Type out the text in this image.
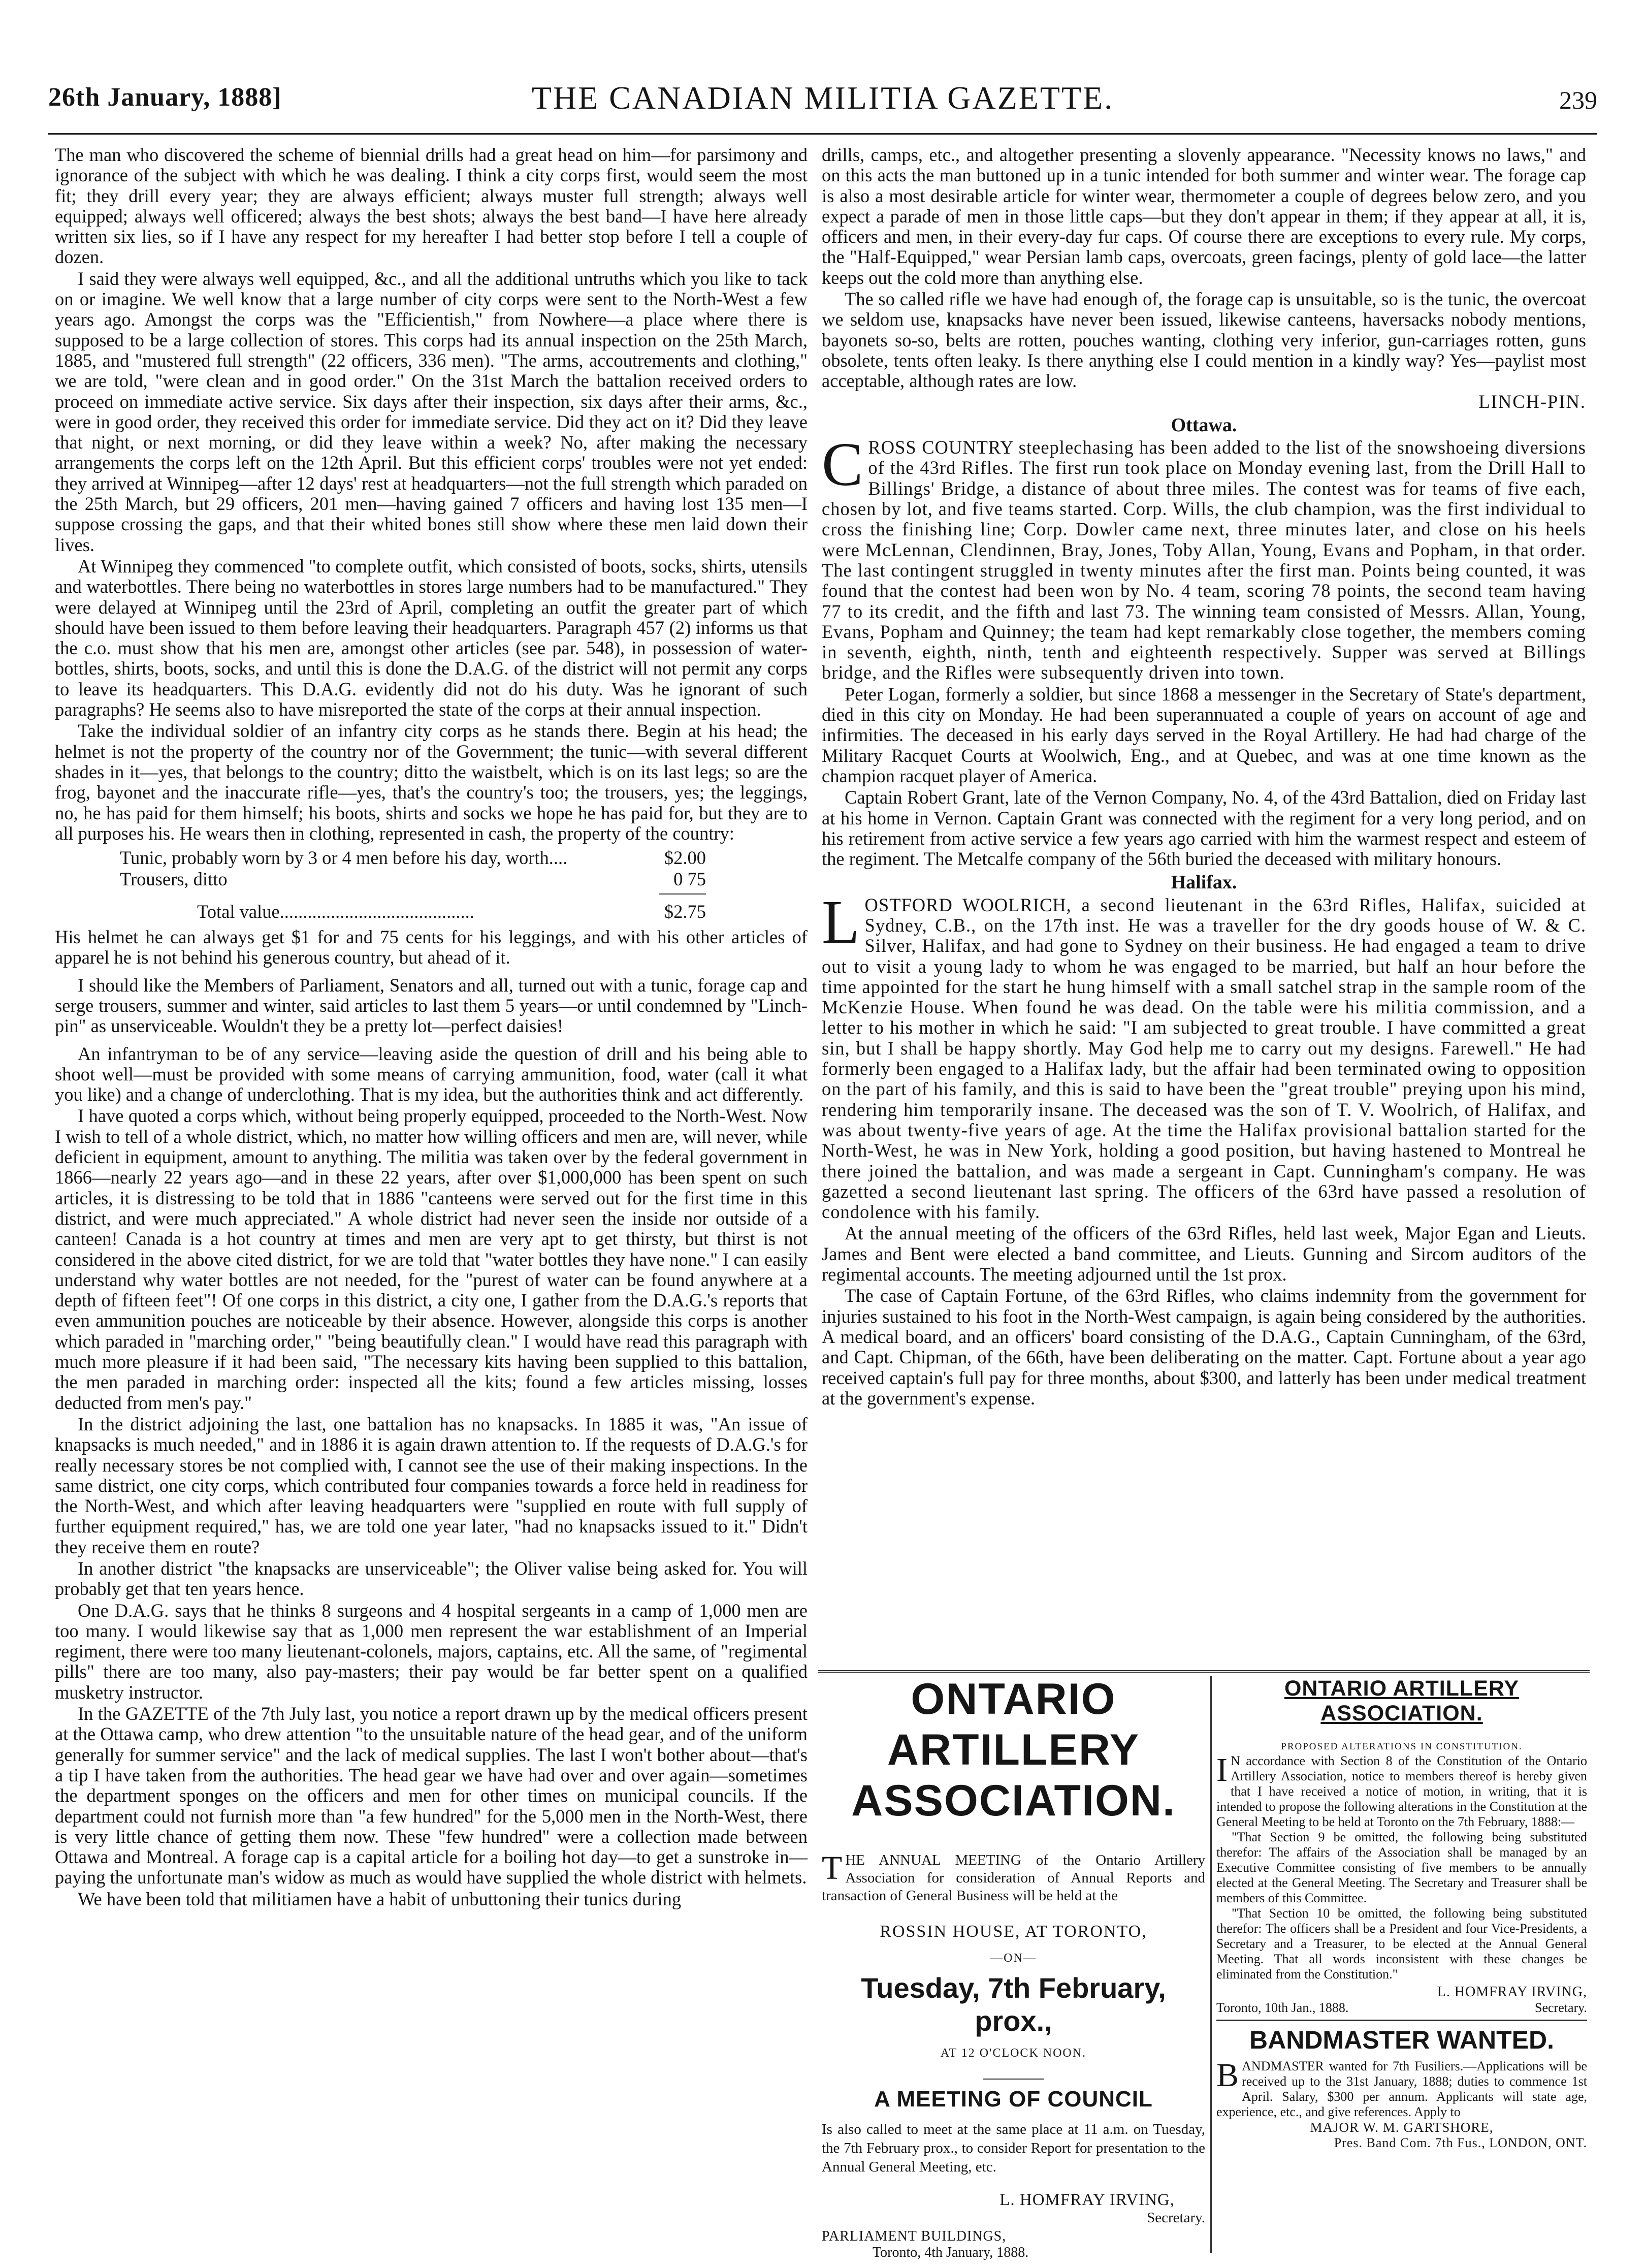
26th January, 1888]	THE CANADIAN MILITIA GAZETTE.	239

The man who discovered the scheme of biennial drills had a great head on him—for parsimony and ignorance of the subject with which he was dealing. I think a city corps first, would seem the most fit; they drill every year; they are always efficient; always muster full strength; always well equipped; always well officered; always the best shots; always the best band—I have here already written six lies, so if I have any respect for my hereafter I had better stop before I tell a couple of dozen.

I said they were always well equipped, &c., and all the additional untruths which you like to tack on or imagine. We well know that a large number of city corps were sent to the North-West a few years ago. Amongst the corps was the "Efficientish," from Nowhere—a place where there is supposed to be a large collection of stores. This corps had its annual inspection on the 25th March, 1885, and "mustered full strength" (22 officers, 336 men). "The arms, accoutrements and clothing," we are told, "were clean and in good order." On the 31st March the battalion received orders to proceed on immediate active service. Six days after their inspection, six days after their arms, &c., were in good order, they received this order for immediate service. Did they act on it? Did they leave that night, or next morning, or did they leave within a week? No, after making the necessary arrangements the corps left on the 12th April. But this efficient corps' troubles were not yet ended: they arrived at Winnipeg—after 12 days' rest at headquarters—not the full strength which paraded on the 25th March, but 29 officers, 201 men—having gained 7 officers and having lost 135 men—I suppose crossing the gaps, and that their whited bones still show where these men laid down their lives.

At Winnipeg they commenced "to complete outfit, which consisted of boots, socks, shirts, utensils and waterbottles. There being no waterbottles in stores large numbers had to be manufactured." They were delayed at Winnipeg until the 23rd of April, completing an outfit the greater part of which should have been issued to them before leaving their headquarters. Paragraph 457 (2) informs us that the c.o. must show that his men are, amongst other articles (see par. 548), in possession of water-bottles, shirts, boots, socks, and until this is done the D.A.G. of the district will not permit any corps to leave its headquarters. This D.A.G. evidently did not do his duty. Was he ignorant of such paragraphs? He seems also to have misreported the state of the corps at their annual inspection.

Take the individual soldier of an infantry city corps as he stands there. Begin at his head; the helmet is not the property of the country nor of the Government; the tunic—with several different shades in it—yes, that belongs to the country; ditto the waistbelt, which is on its last legs; so are the frog, bayonet and the inaccurate rifle—yes, that's the country's too; the trousers, yes; the leggings, no, he has paid for them himself; his boots, shirts and socks we hope he has paid for, but they are to all purposes his. He wears then in clothing, represented in cash, the property of the country:

Tunic, probably worn by 3 or 4 men before his day, worth....	$2.00
Trousers, ditto	0 75
Total value..........................................	$2.75

His helmet he can always get $1 for and 75 cents for his leggings, and with his other articles of apparel he is not behind his generous country, but ahead of it.

I should like the Members of Parliament, Senators and all, turned out with a tunic, forage cap and serge trousers, summer and winter, said articles to last them 5 years—or until condemned by "Linch-pin" as unserviceable. Wouldn't they be a pretty lot—perfect daisies!

An infantryman to be of any service—leaving aside the question of drill and his being able to shoot well—must be provided with some means of carrying ammunition, food, water (call it what you like) and a change of underclothing. That is my idea, but the authorities think and act differently.

I have quoted a corps which, without being properly equipped, proceeded to the North-West. Now I wish to tell of a whole district, which, no matter how willing officers and men are, will never, while deficient in equipment, amount to anything. The militia was taken over by the federal government in 1866—nearly 22 years ago—and in these 22 years, after over $1,000,000 has been spent on such articles, it is distressing to be told that in 1886 "canteens were served out for the first time in this district, and were much appreciated." A whole district had never seen the inside nor outside of a canteen! Canada is a hot country at times and men are very apt to get thirsty, but thirst is not considered in the above cited district, for we are told that "water bottles they have none." I can easily understand why water bottles are not needed, for the "purest of water can be found anywhere at a depth of fifteen feet"! Of one corps in this district, a city one, I gather from the D.A.G.'s reports that even ammunition pouches are noticeable by their absence. However, alongside this corps is another which paraded in "marching order," "being beautifully clean." I would have read this paragraph with much more pleasure if it had been said, "The necessary kits having been supplied to this battalion, the men paraded in marching order: inspected all the kits; found a few articles missing, losses deducted from men's pay."

In the district adjoining the last, one battalion has no knapsacks. In 1885 it was, "An issue of knapsacks is much needed," and in 1886 it is again drawn attention to. If the requests of D.A.G.'s for really necessary stores be not complied with, I cannot see the use of their making inspections. In the same district, one city corps, which contributed four companies towards a force held in readiness for the North-West, and which after leaving headquarters were "supplied en route with full supply of further equipment required," has, we are told one year later, "had no knapsacks issued to it." Didn't they receive them en route?

In another district "the knapsacks are unserviceable"; the Oliver valise being asked for. You will probably get that ten years hence.

One D.A.G. says that he thinks 8 surgeons and 4 hospital sergeants in a camp of 1,000 men are too many. I would likewise say that as 1,000 men represent the war establishment of an Imperial regiment, there were too many lieutenant-colonels, majors, captains, etc. All the same, of "regimental pills" there are too many, also pay-masters; their pay would be far better spent on a qualified musketry instructor.

In the GAZETTE of the 7th July last, you notice a report drawn up by the medical officers present at the Ottawa camp, who drew attention "to the unsuitable nature of the head gear, and of the uniform generally for summer service" and the lack of medical supplies. The last I won't bother about—that's a tip I have taken from the authorities. The head gear we have had over and over again—sometimes the department sponges on the officers and men for other times on municipal councils. If the department could not furnish more than "a few hundred" for the 5,000 men in the North-West, there is very little chance of getting them now. These "few hundred" were a collection made between Ottawa and Montreal. A forage cap is a capital article for a boiling hot day—to get a sunstroke in—paying the unfortunate man's widow as much as would have supplied the whole district with helmets.

We have been told that militiamen have a habit of unbuttoning their tunics during

drills, camps, etc., and altogether presenting a slovenly appearance. "Necessity knows no laws," and on this acts the man buttoned up in a tunic intended for both summer and winter wear. The forage cap is also a most desirable article for winter wear, thermometer a couple of degrees below zero, and you expect a parade of men in those little caps—but they don't appear in them; if they appear at all, it is, officers and men, in their every-day fur caps. Of course there are exceptions to every rule. My corps, the "Half-Equipped," wear Persian lamb caps, overcoats, green facings, plenty of gold lace—the latter keeps out the cold more than anything else.

The so called rifle we have had enough of, the forage cap is unsuitable, so is the tunic, the overcoat we seldom use, knapsacks have never been issued, likewise canteens, haversacks nobody mentions, bayonets so-so, belts are rotten, pouches wanting, clothing very inferior, gun-carriages rotten, guns obsolete, tents often leaky. Is there anything else I could mention in a kindly way? Yes—paylist most acceptable, although rates are low.

LINCH-PIN.
Ottawa.

CROSS COUNTRY steeplechasing has been added to the list of the snowshoeing diversions of the 43rd Rifles. The first run took place on Monday evening last, from the Drill Hall to Billings' Bridge, a distance of about three miles. The contest was for teams of five each, chosen by lot, and five teams started. Corp. Wills, the club champion, was the first individual to cross the finishing line; Corp. Dowler came next, three minutes later, and close on his heels were McLennan, Clendinnen, Bray, Jones, Toby Allan, Young, Evans and Popham, in that order. The last contingent struggled in twenty minutes after the first man. Points being counted, it was found that the contest had been won by No. 4 team, scoring 78 points, the second team having 77 to its credit, and the fifth and last 73. The winning team consisted of Messrs. Allan, Young, Evans, Popham and Quinney; the team had kept remarkably close together, the members coming in seventh, eighth, ninth, tenth and eighteenth respectively. Supper was served at Billings bridge, and the Rifles were subsequently driven into town.

Peter Logan, formerly a soldier, but since 1868 a messenger in the Secretary of State's department, died in this city on Monday. He had been superannuated a couple of years on account of age and infirmities. The deceased in his early days served in the Royal Artillery. He had had charge of the Military Racquet Courts at Woolwich, Eng., and at Quebec, and was at one time known as the champion racquet player of America.

Captain Robert Grant, late of the Vernon Company, No. 4, of the 43rd Battalion, died on Friday last at his home in Vernon. Captain Grant was connected with the regiment for a very long period, and on his retirement from active service a few years ago carried with him the warmest respect and esteem of the regiment. The Metcalfe company of the 56th buried the deceased with military honours.

Halifax.

LOSTFORD WOOLRICH, a second lieutenant in the 63rd Rifles, Halifax, suicided at Sydney, C.B., on the 17th inst. He was a traveller for the dry goods house of W. & C. Silver, Halifax, and had gone to Sydney on their business. He had engaged a team to drive out to visit a young lady to whom he was engaged to be married, but half an hour before the time appointed for the start he hung himself with a small satchel strap in the sample room of the McKenzie House. When found he was dead. On the table were his militia commission, and a letter to his mother in which he said: "I am subjected to great trouble. I have committed a great sin, but I shall be happy shortly. May God help me to carry out my designs. Farewell." He had formerly been engaged to a Halifax lady, but the affair had been terminated owing to opposition on the part of his family, and this is said to have been the "great trouble" preying upon his mind, rendering him temporarily insane. The deceased was the son of T. V. Woolrich, of Halifax, and was about twenty-five years of age. At the time the Halifax provisional battalion started for the North-West, he was in New York, holding a good position, but having hastened to Montreal he there joined the battalion, and was made a sergeant in Capt. Cunningham's company. He was gazetted a second lieutenant last spring. The officers of the 63rd have passed a resolution of condolence with his family.

At the annual meeting of the officers of the 63rd Rifles, held last week, Major Egan and Lieuts. James and Bent were elected a band committee, and Lieuts. Gunning and Sircom auditors of the regimental accounts. The meeting adjourned until the 1st prox.

The case of Captain Fortune, of the 63rd Rifles, who claims indemnity from the government for injuries sustained to his foot in the North-West campaign, is again being considered by the authorities. A medical board, and an officers' board consisting of the D.A.G., Captain Cunningham, of the 63rd, and Capt. Chipman, of the 66th, have been deliberating on the matter. Capt. Fortune about a year ago received captain's full pay for three months, about $300, and latterly has been under medical treatment at the government's expense.

ONTARIO
ARTILLERY ASSOCIATION.
THE ANNUAL MEETING of the Ontario Artillery Association for consideration of Annual Reports and transaction of General Business will be held at the
ROSSIN HOUSE, AT TORONTO,
—ON—
Tuesday, 7th February, prox.,
AT 12 O'CLOCK NOON.
A MEETING OF COUNCIL
Is also called to meet at the same place at 11 a.m. on Tuesday, the 7th February prox., to consider Report for presentation to the Annual General Meeting, etc.
L. HOMFRAY IRVING,
Secretary.
PARLIAMENT BUILDINGS,
Toronto, 4th January, 1888.
ONTARIO ARTILLERY ASSOCIATION.
PROPOSED ALTERATIONS IN CONSTITUTION.

I N accordance with Section 8 of the Constitution of the Ontario Artillery Association, notice to members thereof is hereby given that I have received a notice of motion, in writing, that it is intended to propose the following alterations in the Constitution at the General Meeting to be held at Toronto on the 7th February, 1888:—

"That Section 9 be omitted, the following being substituted therefor: The affairs of the Association shall be managed by an Executive Committee consisting of five members to be annually elected at the General Meeting. The Secretary and Treasurer shall be members of this Committee.

"That Section 10 be omitted, the following being substituted therefor: The officers shall be a President and four Vice-Presidents, a Secretary and a Treasurer, to be elected at the Annual General Meeting. That all words inconsistent with these changes be eliminated from the Constitution."

L. HOMFRAY IRVING,
Toronto, 10th Jan., 1888.	Secretary.
BANDMASTER WANTED.
BANDMASTER wanted for 7th Fusiliers.—Applications will be received up to the 31st January, 1888; duties to commence 1st April. Salary, $300 per annum. Applicants will state age, experience, etc., and give references. Apply to
MAJOR W. M. GARTSHORE,
Pres. Band Com. 7th Fus., LONDON, ONT.
